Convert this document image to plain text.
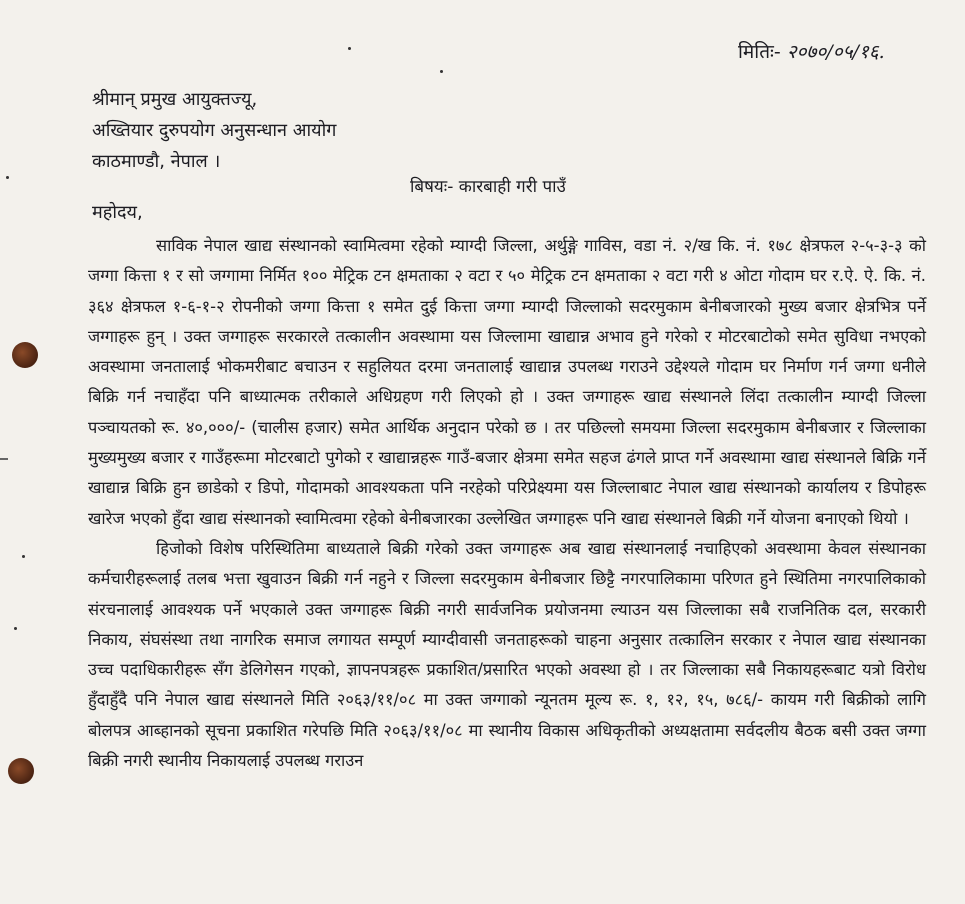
मितिः- २०७०/०५/१६.
श्रीमान् प्रमुख आयुक्तज्यू,
अख्तियार दुरुपयोग अनुसन्धान आयोग
काठमाण्डौ, नेपाल ।
बिषयः- कारबाही गरी पाउँ
महोदय,

साविक नेपाल खाद्य संस्थानको स्वामित्वमा रहेको म्याग्दी जिल्ला, अर्थुङ्गे गाविस, वडा नं. २/ख कि. नं. १७८ क्षेत्रफल २-५-३-३ को जग्गा कित्ता १ र सो जग्गामा निर्मित १०० मेट्रिक टन क्षमताका २ वटा र ५० मेट्रिक टन क्षमताका २ वटा गरी ४ ओटा गोदाम घर र.ऐ. ऐ. कि. नं. ३६४ क्षेत्रफल १-६-१-२ रोपनीको जग्गा कित्ता १ समेत दुई कित्ता जग्गा म्याग्दी जिल्लाको सदरमुकाम बेनीबजारको मुख्य बजार क्षेत्रभित्र पर्ने जग्गाहरू हुन् । उक्त जग्गाहरू सरकारले तत्कालीन अवस्थामा यस जिल्लामा खाद्यान्न अभाव हुने गरेको र मोटरबाटोको समेत सुविधा नभएको अवस्थामा जनतालाई भोकमरीबाट बचाउन र सहुलियत दरमा जनतालाई खाद्यान्न उपलब्ध गराउने उद्देश्यले गोदाम घर निर्माण गर्न जग्गा धनीले बिक्रि गर्न नचाहँदा पनि बाध्यात्मक तरीकाले अधिग्रहण गरी लिएको हो । उक्त जग्गाहरू खाद्य संस्थानले लिंदा तत्कालीन म्याग्दी जिल्ला पञ्चायतको रू. ४०,०००/- (चालीस हजार) समेत आर्थिक अनुदान परेको छ । तर पछिल्लो समयमा जिल्ला सदरमुकाम बेनीबजार र जिल्लाका मुख्यमुख्य बजार र गाउँहरूमा मोटरबाटो पुगेको र खाद्यान्नहरू गाउँ-बजार क्षेत्रमा समेत सहज ढंगले प्राप्त गर्ने अवस्थामा खाद्य संस्थानले बिक्रि गर्ने खाद्यान्न बिक्रि हुन छाडेको र डिपो, गोदामको आवश्यकता पनि नरहेको परिप्रेक्ष्यमा यस जिल्लाबाट नेपाल खाद्य संस्थानको कार्यालय र डिपोहरू खारेज भएको हुँदा खाद्य संस्थानको स्वामित्वमा रहेको बेनीबजारका उल्लेखित जग्गाहरू पनि खाद्य संस्थानले बिक्री गर्ने योजना बनाएको थियो ।

हिजोको विशेष परिस्थितिमा बाध्यताले बिक्री गरेको उक्त जग्गाहरू अब खाद्य संस्थानलाई नचाहिएको अवस्थामा केवल संस्थानका कर्मचारीहरूलाई तलब भत्ता खुवाउन बिक्री गर्न नहुने र जिल्ला सदरमुकाम बेनीबजार छिट्टै नगरपालिकामा परिणत हुने स्थितिमा नगरपालिकाको संरचनालाई आवश्यक पर्ने भएकाले उक्त जग्गाहरू बिक्री नगरी सार्वजनिक प्रयोजनमा ल्याउन यस जिल्लाका सबै राजनितिक दल, सरकारी निकाय, संघसंस्था तथा नागरिक समाज लगायत सम्पूर्ण म्याग्दीवासी जनताहरूको चाहना अनुसार तत्कालिन सरकार र नेपाल खाद्य संस्थानका उच्च पदाधिकारीहरू सँग डेलिगेसन गएको, ज्ञापनपत्रहरू प्रकाशित/प्रसारित भएको अवस्था हो । तर जिल्लाका सबै निकायहरूबाट यत्रो विरोध हुँदाहुँदै पनि नेपाल खाद्य संस्थानले मिति २०६३/११/०८ मा उक्त जग्गाको न्यूनतम मूल्य रू. १, १२, १५, ७८६/- कायम गरी बिक्रीको लागि बोलपत्र आब्हानको सूचना प्रकाशित गरेपछि मिति २०६३/११/०८ मा स्थानीय विकास अधिकृतीको अध्यक्षतामा सर्वदलीय बैठक बसी उक्त जग्गा बिक्री नगरी स्थानीय निकायलाई उपलब्ध गराउन
